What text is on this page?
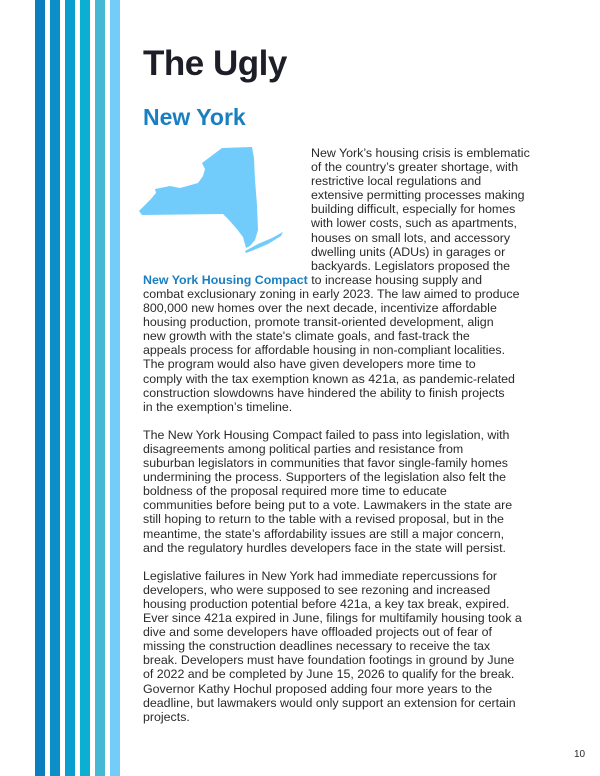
The Ugly
New York
New York’s housing crisis is emblematic
of the country’s greater shortage, with
restrictive local regulations and
extensive permitting processes making
building difficult, especially for homes
with lower costs, such as apartments,
houses on small lots, and accessory
dwelling units (ADUs) in garages or
backyards. Legislators proposed the
New York Housing Compact to increase housing supply and
combat exclusionary zoning in early 2023. The law aimed to produce
800,000 new homes over the next decade, incentivize affordable
housing production, promote transit-oriented development, align
new growth with the state's climate goals, and fast-track the
appeals process for affordable housing in non-compliant localities.
The program would also have given developers more time to
comply with the tax exemption known as 421a, as pandemic-related
construction slowdowns have hindered the ability to finish projects
in the exemption’s timeline.
The New York Housing Compact failed to pass into legislation, with
disagreements among political parties and resistance from
suburban legislators in communities that favor single-family homes
undermining the process. Supporters of the legislation also felt the
boldness of the proposal required more time to educate
communities before being put to a vote. Lawmakers in the state are
still hoping to return to the table with a revised proposal, but in the
meantime, the state’s affordability issues are still a major concern,
and the regulatory hurdles developers face in the state will persist.
Legislative failures in New York had immediate repercussions for
developers, who were supposed to see rezoning and increased
housing production potential before 421a, a key tax break, expired.
Ever since 421a expired in June, filings for multifamily housing took a
dive and some developers have offloaded projects out of fear of
missing the construction deadlines necessary to receive the tax
break. Developers must have foundation footings in ground by June
of 2022 and be completed by June 15, 2026 to qualify for the break.
Governor Kathy Hochul proposed adding four more years to the
deadline, but lawmakers would only support an extension for certain
projects.
10
